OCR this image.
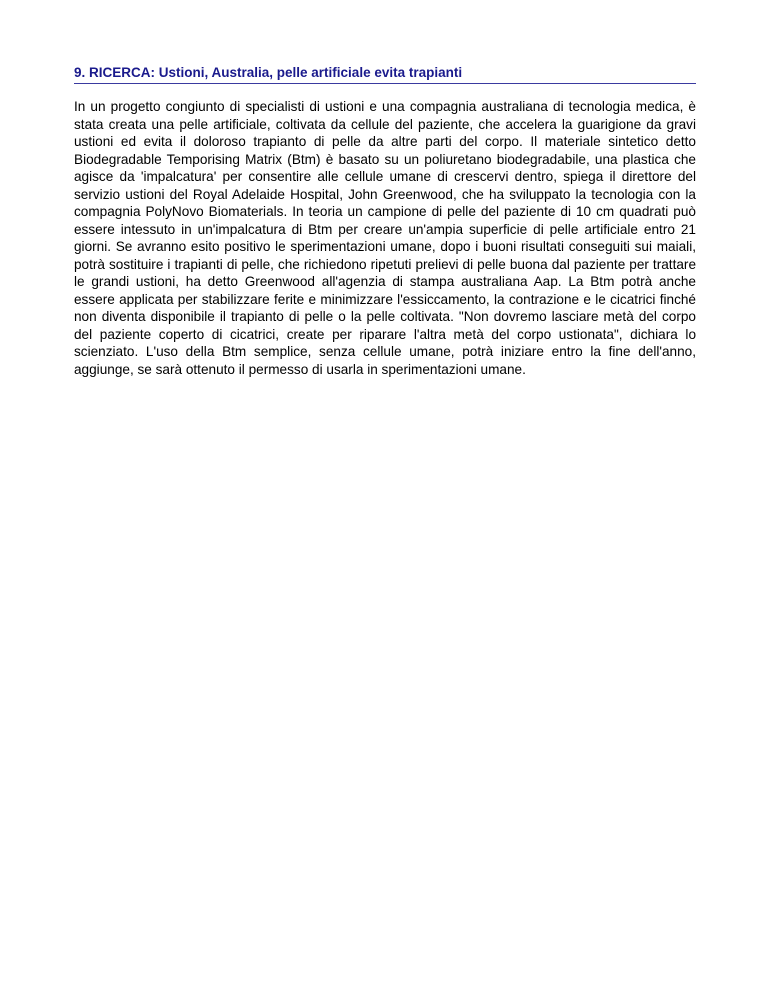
9. RICERCA: Ustioni, Australia, pelle artificiale evita trapianti

In un progetto congiunto di specialisti di ustioni e una compagnia australiana di tecnologia medica, è stata creata una pelle artificiale, coltivata da cellule del paziente, che accelera la guarigione da gravi ustioni ed evita il doloroso trapianto di pelle da altre parti del corpo. Il materiale sintetico detto Biodegradable Temporising Matrix (Btm) è basato su un poliuretano biodegradabile, una plastica che agisce da 'impalcatura' per consentire alle cellule umane di crescervi dentro, spiega il direttore del servizio ustioni del Royal Adelaide Hospital, John Greenwood, che ha sviluppato la tecnologia con la compagnia PolyNovo Biomaterials. In teoria un campione di pelle del paziente di 10 cm quadrati può essere intessuto in un'impalcatura di Btm per creare un'ampia superficie di pelle artificiale entro 21 giorni. Se avranno esito positivo le sperimentazioni umane, dopo i buoni risultati conseguiti sui maiali, potrà sostituire i trapianti di pelle, che richiedono ripetuti prelievi di pelle buona dal paziente per trattare le grandi ustioni, ha detto Greenwood all'agenzia di stampa australiana Aap. La Btm potrà anche essere applicata per stabilizzare ferite e minimizzare l'essiccamento, la contrazione e le cicatrici finché non diventa disponibile il trapianto di pelle o la pelle coltivata. "Non dovremo lasciare metà del corpo del paziente coperto di cicatrici, create per riparare l'altra metà del corpo ustionata", dichiara lo scienziato. L'uso della Btm semplice, senza cellule umane, potrà iniziare entro la fine dell'anno, aggiunge, se sarà ottenuto il permesso di usarla in sperimentazioni umane.
